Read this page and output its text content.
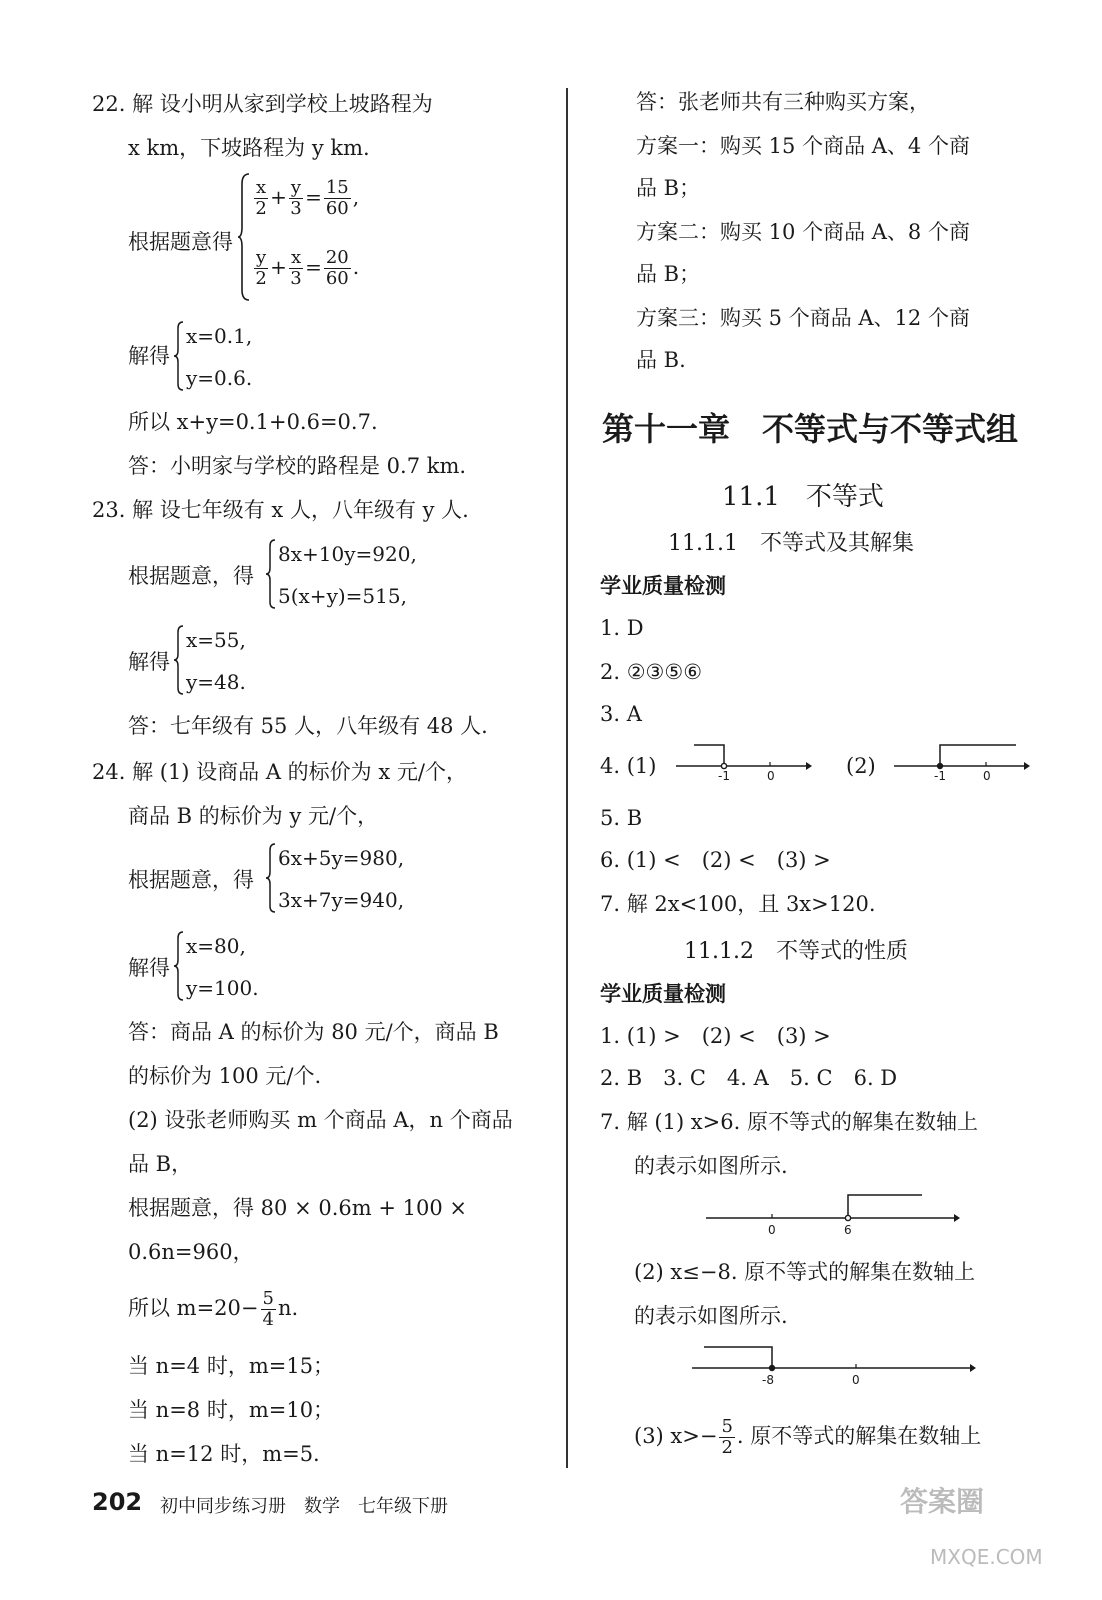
22. 解 设小明从家到学校上坡路程为
x km，下坡路程为 y km.
根据题意得
$\frac{x}{2} + \frac{y}{3} = \frac{15}{60}$ ,
$\frac{y}{2} + \frac{x}{3} = \frac{20}{60}$ .
解得
x=0.1,
y=0.6.
所以 x+y=0.1+0.6=0.7.
答：小明家与学校的路程是 0.7 km.
23. 解 设七年级有 x 人，八年级有 y 人.
根据题意，得
8x+10y=920,
5(x+y)=515,
解得
x=55,
y=48.
答：七年级有 55 人，八年级有 48 人.
24. 解 (1) 设商品 A 的标价为 x 元/个，
商品 B 的标价为 y 元/个，
根据题意，得
6x+5y=980,
3x+7y=940,
解得
x=80,
y=100.
答：商品 A 的标价为 80 元/个，商品 B
的标价为 100 元/个.
(2) 设张老师购买 m 个商品 A，n 个商品
品 B，
根据题意，得 80 × 0.6m + 100 ×
0.6n=960，
所以 $m=20- \frac{5}{4} n$.
当 n=4 时，m=15；
当 n=8 时，m=10；
当 n=12 时，m=5.
答：张老师共有三种购买方案，
方案一：购买 15 个商品 A、4 个商
品 B；
方案二：购买 10 个商品 A、8 个商
品 B；
方案三：购买 5 个商品 A、12 个商
品 B.
第十一章　不等式与不等式组
11.1　不等式
11.1.1　不等式及其解集
学业质量检测
1. D
2. ②③⑤⑥
3. A
4. (1)	-1	0	(2)	-1	0
5. B
6. (1) <　(2) <　(3) >
7. 解 2x<100，且 3x>120.
11.1.2　不等式的性质
学业质量检测
1. (1) >　(2) <　(3) >
2. B　3. C　4. A　5. C　6. D
7. 解 (1) x>6. 原不等式的解集在数轴上
的表示如图所示.
0	6
(2) x≤−8. 原不等式的解集在数轴上
的表示如图所示.
-8	0
(3) $x>- \frac{5}{2}$ . 原不等式的解集在数轴上
202 初中同步练习册　数学　七年级下册	答案圈
MXQE.COM
